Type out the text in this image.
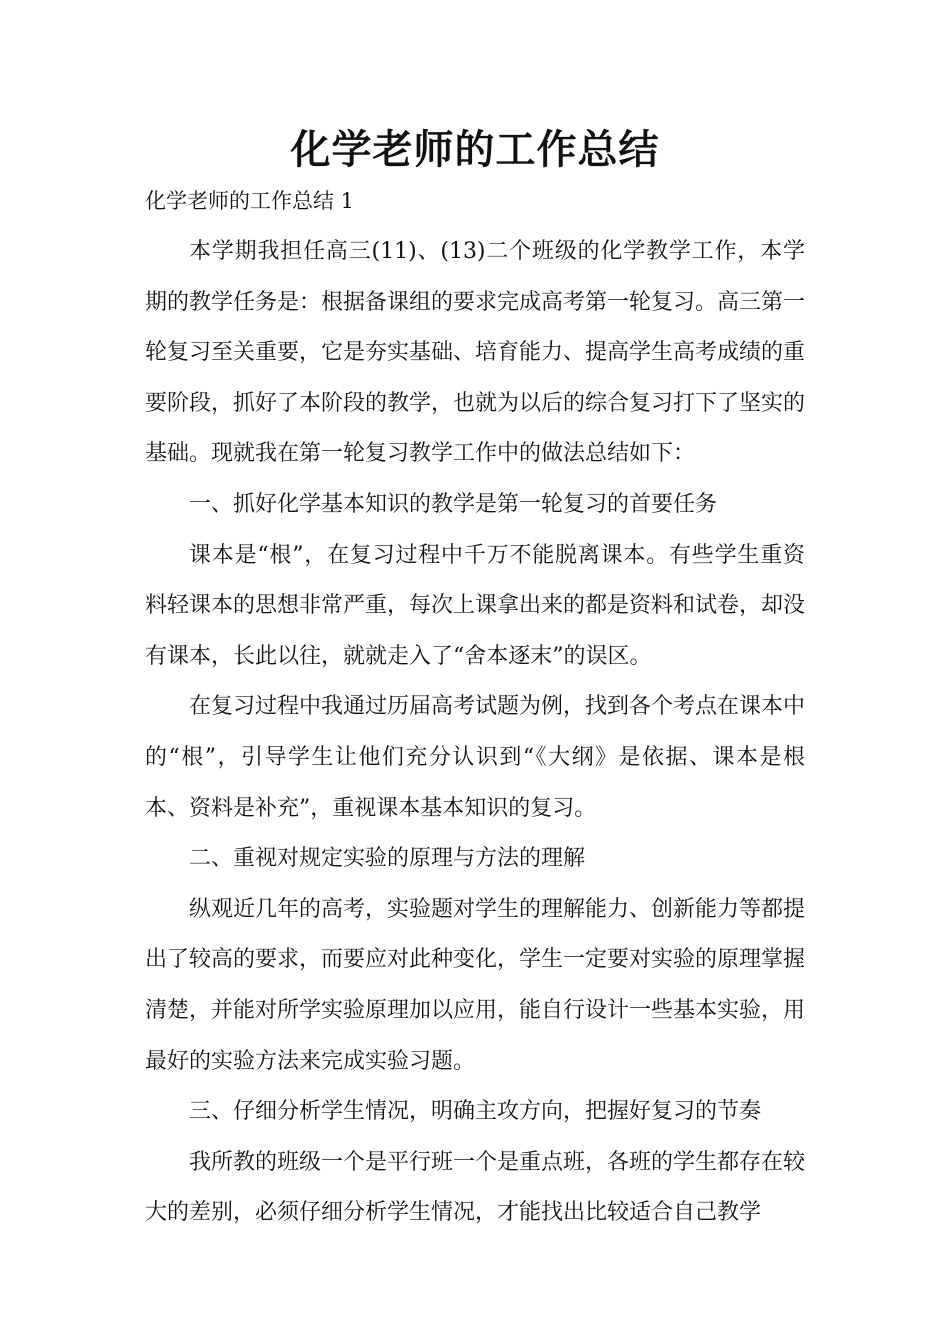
化学老师的工作总结
化学老师的工作总结 1

本学期我担任高三(11)、(13)二个班级的化学教学工作，本学期的教学任务是：根据备课组的要求完成高考第一轮复习。高三第一轮复习至关重要，它是夯实基础、培育能力、提高学生高考成绩的重要阶段，抓好了本阶段的教学，也就为以后的综合复习打下了坚实的基础。现就我在第一轮复习教学工作中的做法总结如下：

一、抓好化学基本知识的教学是第一轮复习的首要任务

课本是“根”，在复习过程中千万不能脱离课本。有些学生重资料轻课本的思想非常严重，每次上课拿出来的都是资料和试卷，却没有课本，长此以往，就就走入了“舍本逐末”的误区。

在复习过程中我通过历届高考试题为例，找到各个考点在课本中的“根”，引导学生让他们充分认识到“《大纲》是依据、课本是根本、资料是补充”，重视课本基本知识的复习。

二、重视对规定实验的原理与方法的理解

纵观近几年的高考，实验题对学生的理解能力、创新能力等都提出了较高的要求，而要应对此种变化，学生一定要对实验的原理掌握清楚，并能对所学实验原理加以应用，能自行设计一些基本实验，用最好的实验方法来完成实验习题。

三、仔细分析学生情况，明确主攻方向，把握好复习的节奏

我所教的班级一个是平行班一个是重点班，各班的学生都存在较大的差别，必须仔细分析学生情况，才能找出比较适合自己教学
